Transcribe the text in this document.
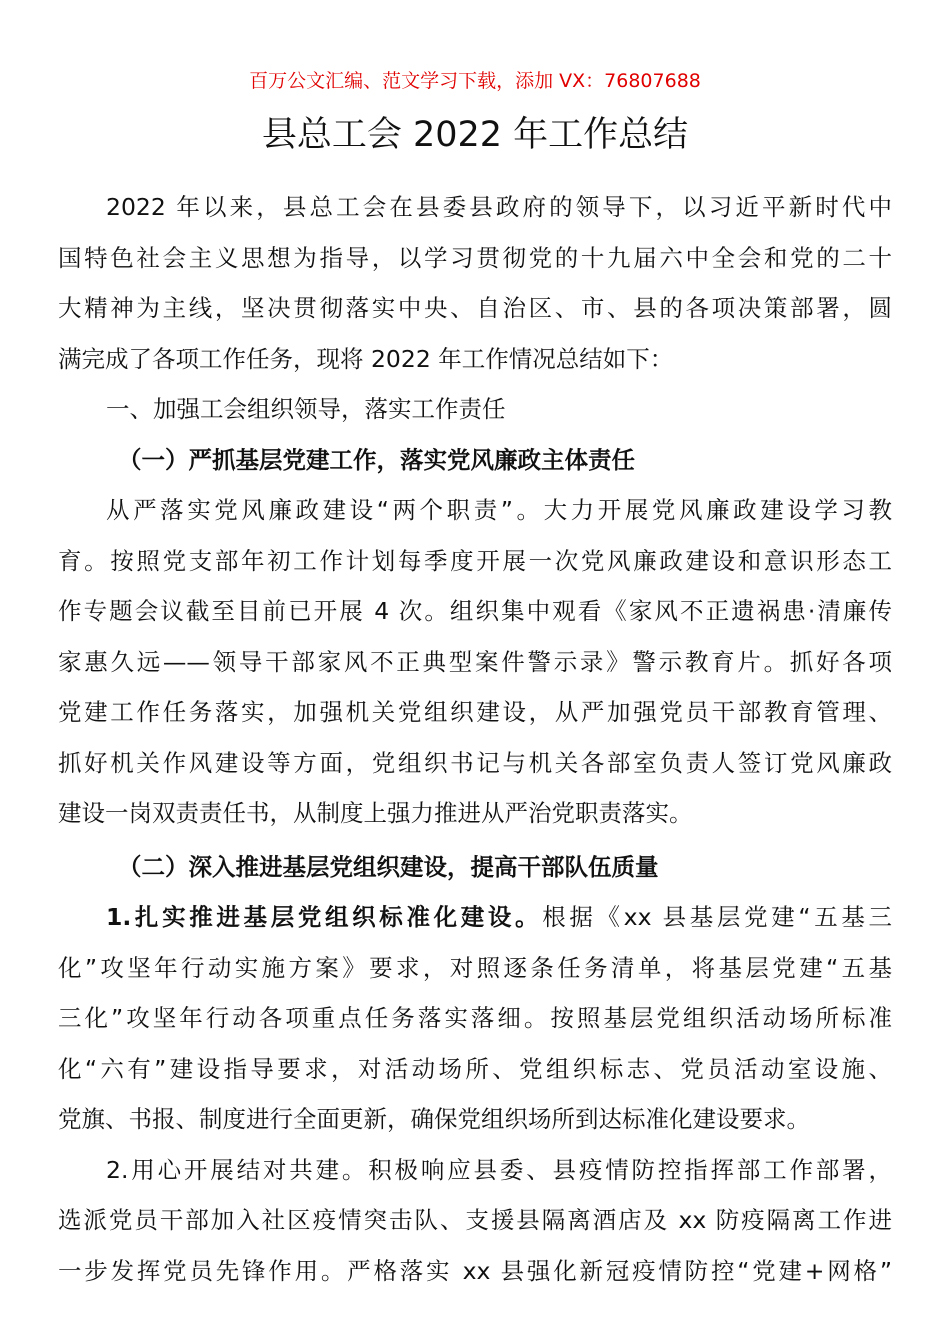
百万公文汇编、范文学习下载，添加 VX：76807688
县总工会 2022 年工作总结
2022 年以来，县总工会在县委县政府的领导下，以习近平新时代中
国特色社会主义思想为指导，以学习贯彻党的十九届六中全会和党的二十
大精神为主线，坚决贯彻落实中央、自治区、市、县的各项决策部署，圆
满完成了各项工作任务，现将 2022 年工作情况总结如下：
一、加强工会组织领导，落实工作责任
（一）严抓基层党建工作，落实党风廉政主体责任
从严落实党风廉政建设“两个职责”。大力开展党风廉政建设学习教
育。按照党支部年初工作计划每季度开展一次党风廉政建设和意识形态工
作专题会议截至目前已开展 4 次。组织集中观看《家风不正遗祸患·清廉传
家惠久远——领导干部家风不正典型案件警示录》警示教育片。抓好各项
党建工作任务落实，加强机关党组织建设，从严加强党员干部教育管理、
抓好机关作风建设等方面，党组织书记与机关各部室负责人签订党风廉政
建设一岗双责责任书，从制度上强力推进从严治党职责落实。
（二）深入推进基层党组织建设，提高干部队伍质量
1.扎实推进基层党组织标准化建设。根据《xx 县基层党建“五基三
化”攻坚年行动实施方案》要求，对照逐条任务清单，将基层党建“五基
三化”攻坚年行动各项重点任务落实落细。按照基层党组织活动场所标准
化“六有”建设指导要求，对活动场所、党组织标志、党员活动室设施、
党旗、书报、制度进行全面更新，确保党组织场所到达标准化建设要求。
2.用心开展结对共建。积极响应县委、县疫情防控指挥部工作部署，
选派党员干部加入社区疫情突击队、支援县隔离酒店及 xx 防疫隔离工作进
一步发挥党员先锋作用。严格落实 xx 县强化新冠疫情防控“党建+网格”
